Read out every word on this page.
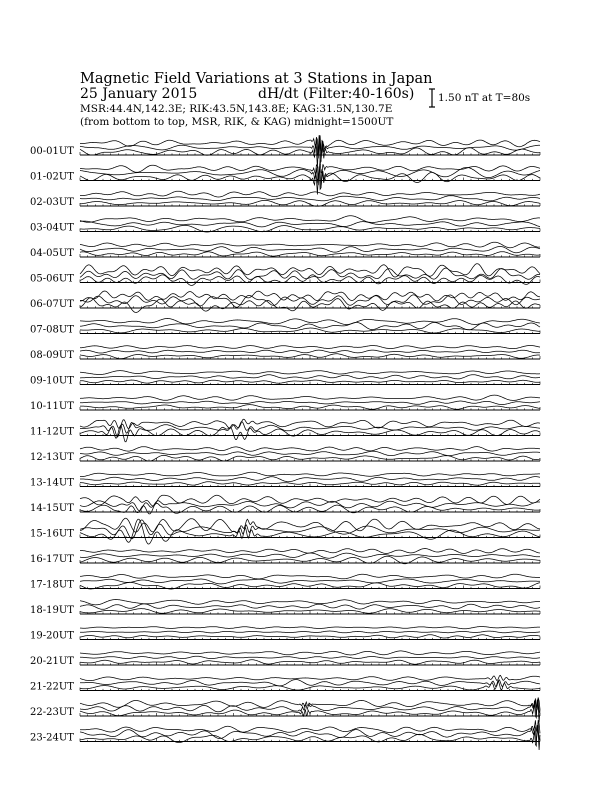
Magnetic Field Variations at 3 Stations in Japan
25 January 2015	dH/dt (Filter:40-160s)
MSR:44.4N,142.3E; RIK:43.5N,143.8E; KAG:31.5N,130.7E
(from bottom to top, MSR, RIK, & KAG) midnight=1500UT
1.50 nT at T=80s
00-01UT
01-02UT
02-03UT
03-04UT
04-05UT
05-06UT
06-07UT
07-08UT
08-09UT
09-10UT
10-11UT
11-12UT
12-13UT
13-14UT
14-15UT
15-16UT
16-17UT
17-18UT
18-19UT
19-20UT
20-21UT
21-22UT
22-23UT
23-24UT
